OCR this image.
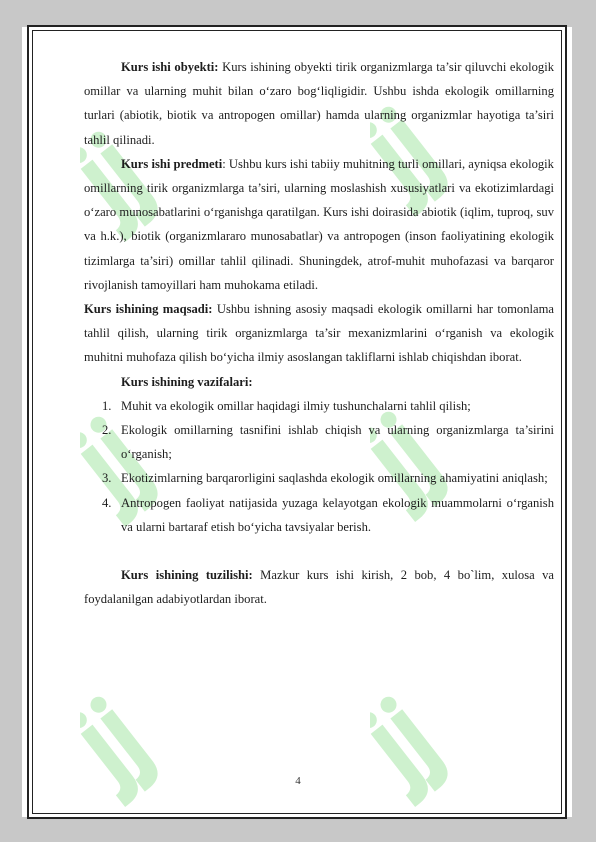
Kurs ishi obyekti: Kurs ishining obyekti tirik organizmlarga ta’sir qiluvchi ekologik omillar va ularning muhit bilan o‘zaro bog‘liqligidir. Ushbu ishda ekologik omillarning turlari (abiotik, biotik va antropogen omillar) hamda ularning organizmlar hayotiga ta’siri tahlil qilinadi.

Kurs ishi predmeti: Ushbu kurs ishi tabiiy muhitning turli omillari, ayniqsa ekologik omillarning tirik organizmlarga ta’siri, ularning moslashish xususiyatlari va ekotizimlardagi o‘zaro munosabatlarini o‘rganishga qaratilgan. Kurs ishi doirasida abiotik (iqlim, tuproq, suv va h.k.), biotik (organizmlararo munosabatlar) va antropogen (inson faoliyatining ekologik tizimlarga ta’siri) omillar tahlil qilinadi. Shuningdek, atrof-muhit muhofazasi va barqaror rivojlanish tamoyillari ham muhokama etiladi.

Kurs ishining maqsadi: Ushbu ishning asosiy maqsadi ekologik omillarni har tomonlama tahlil qilish, ularning tirik organizmlarga ta’sir mexanizmlarini o‘rganish va ekologik muhitni muhofaza qilish bo‘yicha ilmiy asoslangan takliflarni ishlab chiqishdan iborat.

Kurs ishining vazifalari:

1. Muhit va ekologik omillar haqidagi ilmiy tushunchalarni tahlil qilish;
2. Ekologik omillarning tasnifini ishlab chiqish va ularning organizmlarga ta’sirini o‘rganish;
3. Ekotizimlarning barqarorligini saqlashda ekologik omillarning ahamiyatini aniqlash;
4. Antropogen faoliyat natijasida yuzaga kelayotgan ekologik muammolarni o‘rganish va ularni bartaraf etish bo‘yicha tavsiyalar berish.

Kurs ishining tuzilishi: Mazkur kurs ishi kirish, 2 bob, 4 bo`lim, xulosa va foydalanilgan adabiyotlardan iborat.

4
